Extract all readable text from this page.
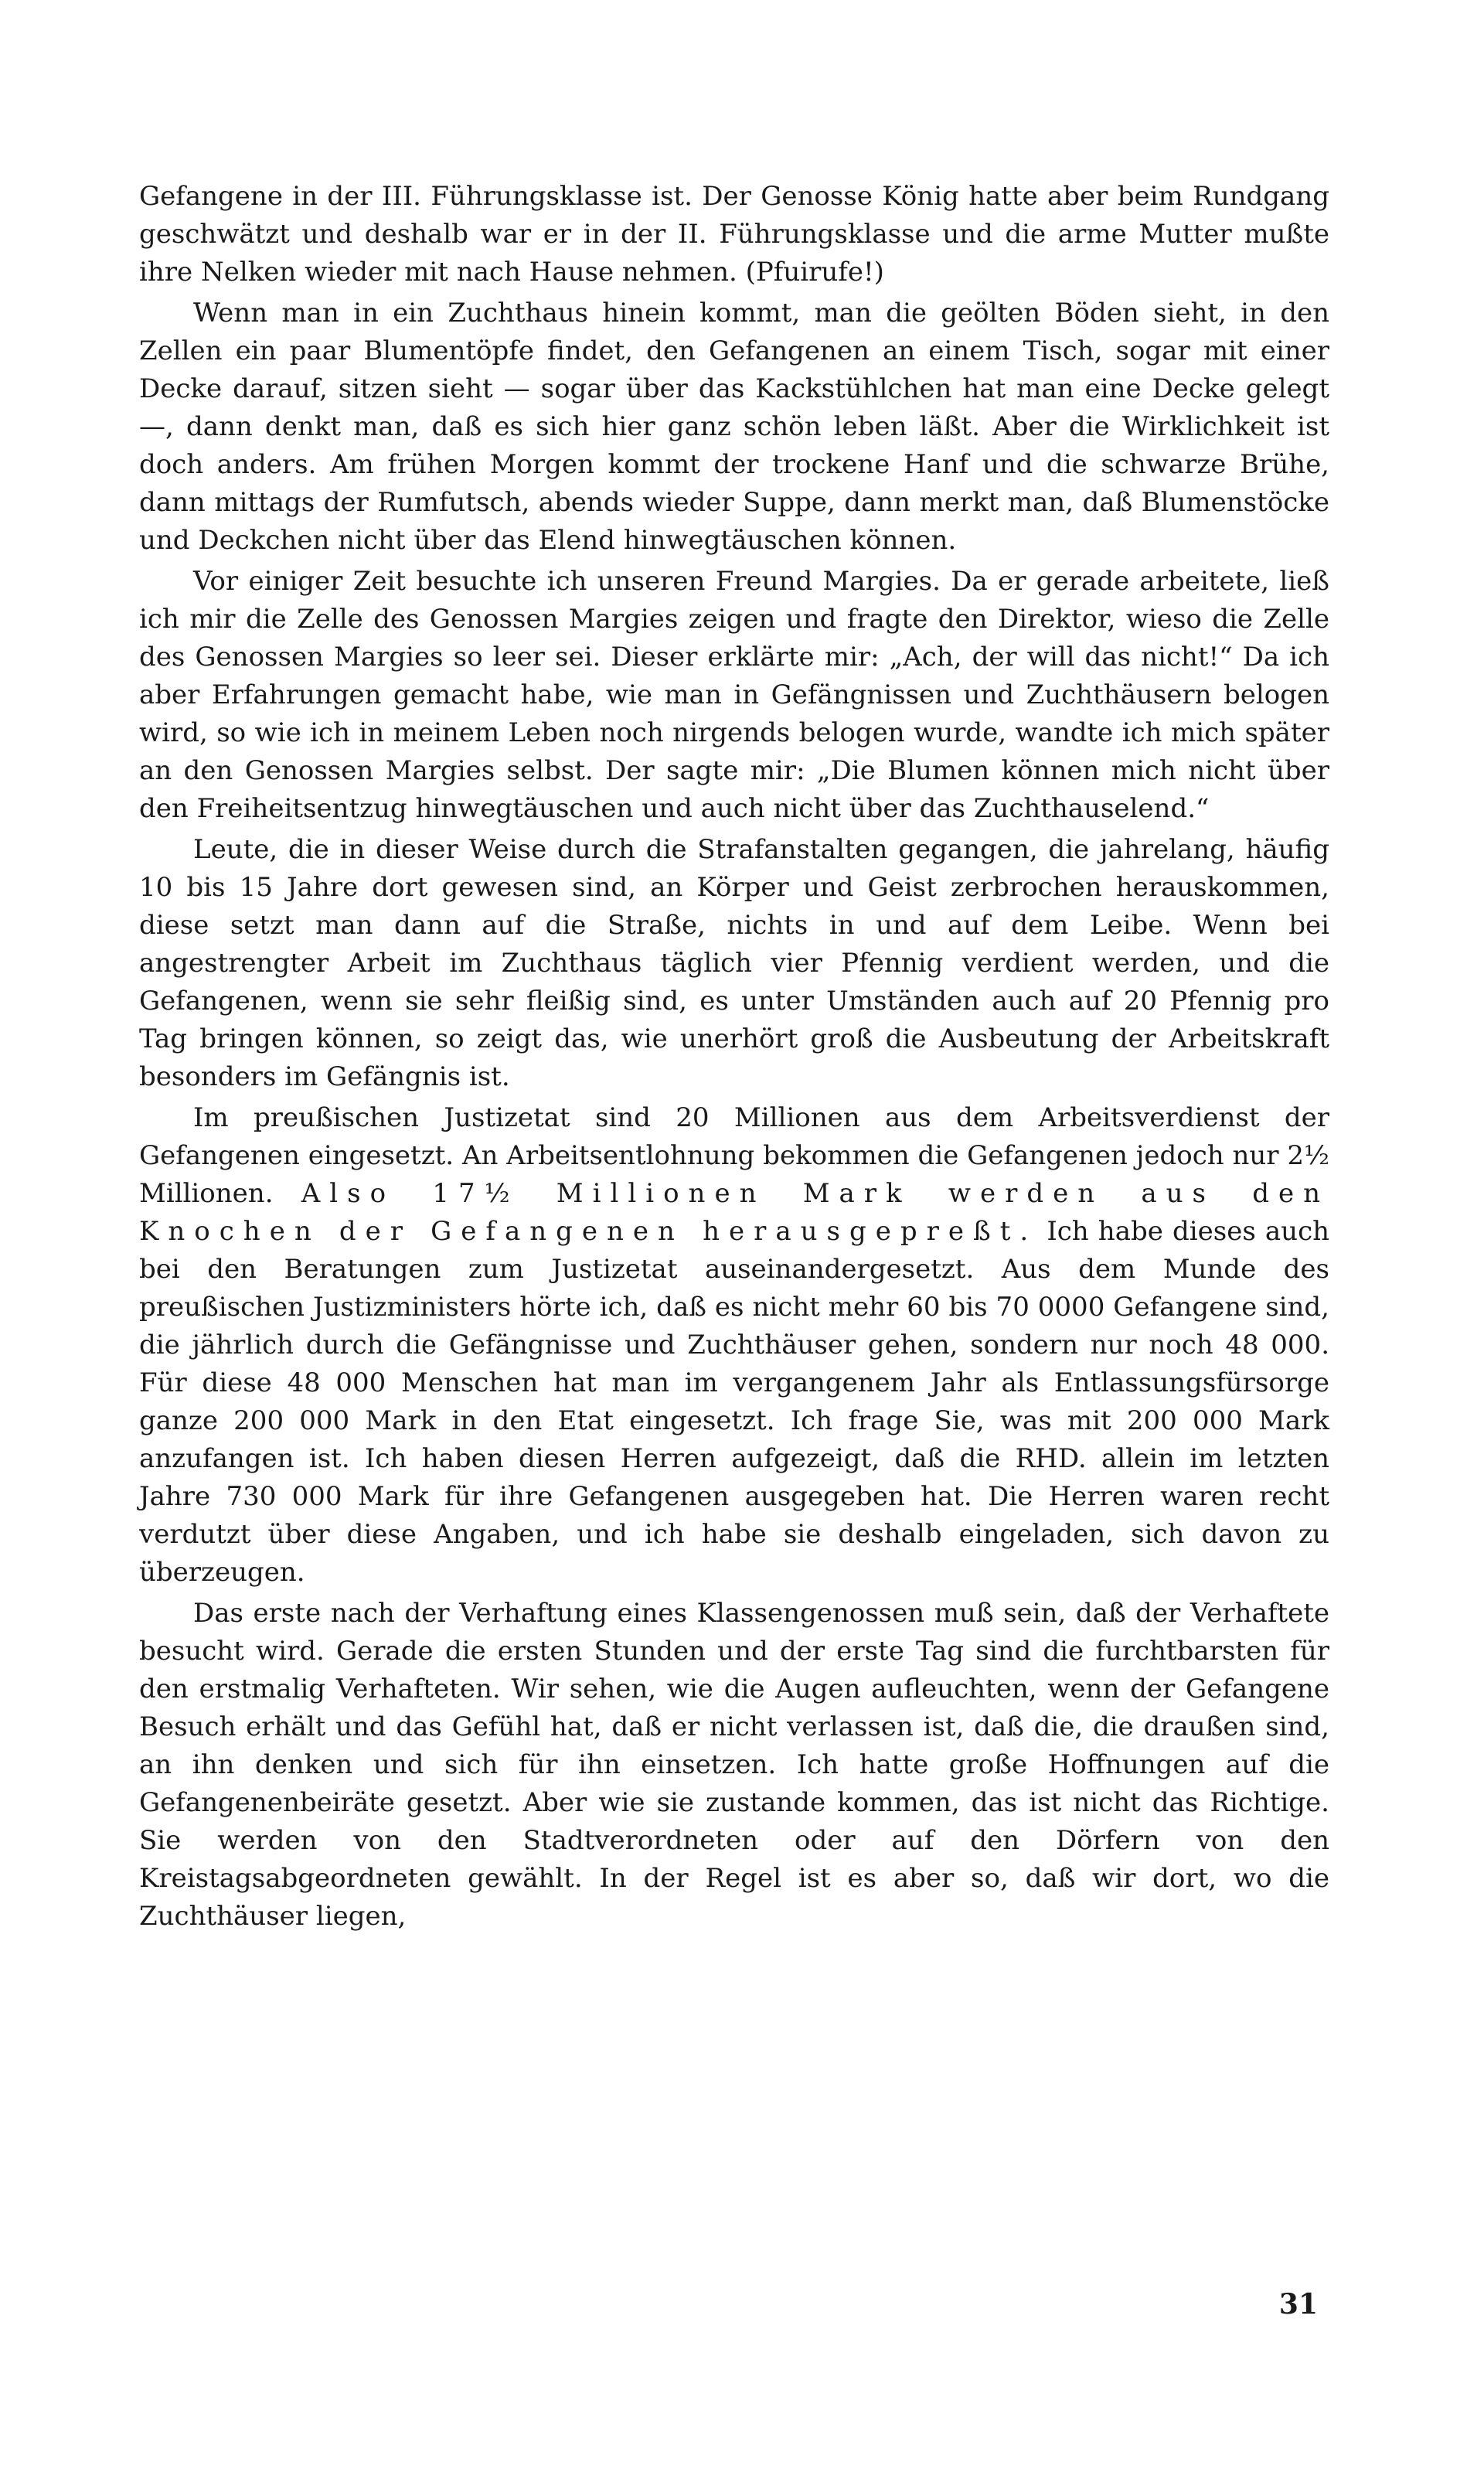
Gefangene in der III. Führungsklasse ist. Der Genosse König hatte aber beim Rundgang geschwätzt und deshalb war er in der II. Führungsklasse und die arme Mutter mußte ihre Nelken wieder mit nach Hause nehmen. (Pfuirufe!)

Wenn man in ein Zuchthaus hinein kommt, man die geölten Böden sieht, in den Zellen ein paar Blumentöpfe findet, den Gefangenen an einem Tisch, sogar mit einer Decke darauf, sitzen sieht — sogar über das Kackstühlchen hat man eine Decke gelegt —, dann denkt man, daß es sich hier ganz schön leben läßt. Aber die Wirklichkeit ist doch anders. Am frühen Morgen kommt der trockene Hanf und die schwarze Brühe, dann mittags der Rumfutsch, abends wieder Suppe, dann merkt man, daß Blumenstöcke und Deckchen nicht über das Elend hinwegtäuschen können.

Vor einiger Zeit besuchte ich unseren Freund Margies. Da er gerade arbeitete, ließ ich mir die Zelle des Genossen Margies zeigen und fragte den Direktor, wieso die Zelle des Genossen Margies so leer sei. Dieser erklärte mir: „Ach, der will das nicht!“ Da ich aber Erfahrungen gemacht habe, wie man in Gefängnissen und Zuchthäusern belogen wird, so wie ich in meinem Leben noch nirgends belogen wurde, wandte ich mich später an den Genossen Margies selbst. Der sagte mir: „Die Blumen können mich nicht über den Freiheitsentzug hinwegtäuschen und auch nicht über das Zuchthauselend.“

Leute, die in dieser Weise durch die Strafanstalten gegangen, die jahrelang, häufig 10 bis 15 Jahre dort gewesen sind, an Körper und Geist zerbrochen herauskommen, diese setzt man dann auf die Straße, nichts in und auf dem Leibe. Wenn bei angestrengter Arbeit im Zuchthaus täglich vier Pfennig verdient werden, und die Gefangenen, wenn sie sehr fleißig sind, es unter Umständen auch auf 20 Pfennig pro Tag bringen können, so zeigt das, wie unerhört groß die Ausbeutung der Arbeitskraft besonders im Gefängnis ist.

Im preußischen Justizetat sind 20 Millionen aus dem Arbeitsverdienst der Gefangenen eingesetzt. An Arbeitsentlohnung bekommen die Gefangenen jedoch nur 2½ Millionen. Also 17½ Millionen Mark werden aus den Knochen der Gefangenen herausgepreßt. Ich habe dieses auch bei den Beratungen zum Justizetat auseinandergesetzt. Aus dem Munde des preußischen Justizministers hörte ich, daß es nicht mehr 60 bis 70 0000 Gefangene sind, die jährlich durch die Gefängnisse und Zuchthäuser gehen, sondern nur noch 48 000. Für diese 48 000 Menschen hat man im vergangenem Jahr als Entlassungsfürsorge ganze 200 000 Mark in den Etat eingesetzt. Ich frage Sie, was mit 200 000 Mark anzufangen ist. Ich haben diesen Herren aufgezeigt, daß die RHD. allein im letzten Jahre 730 000 Mark für ihre Gefangenen ausgegeben hat. Die Herren waren recht verdutzt über diese Angaben, und ich habe sie deshalb eingeladen, sich davon zu überzeugen.

Das erste nach der Verhaftung eines Klassengenossen muß sein, daß der Verhaftete besucht wird. Gerade die ersten Stunden und der erste Tag sind die furchtbarsten für den erstmalig Verhafteten. Wir sehen, wie die Augen aufleuchten, wenn der Gefangene Besuch erhält und das Gefühl hat, daß er nicht verlassen ist, daß die, die draußen sind, an ihn denken und sich für ihn einsetzen. Ich hatte große Hoffnungen auf die Gefangenenbeiräte gesetzt. Aber wie sie zustande kommen, das ist nicht das Richtige. Sie werden von den Stadtverordneten oder auf den Dörfern von den Kreistagsabgeordneten gewählt. In der Regel ist es aber so, daß wir dort, wo die Zuchthäuser liegen,

31
